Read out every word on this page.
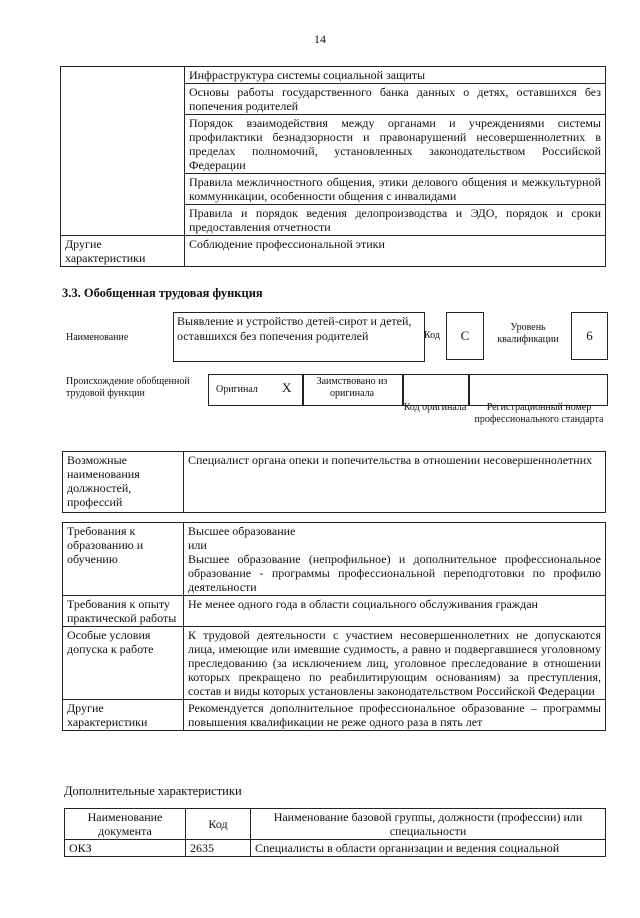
14
	Инфраструктура системы социальной защиты
	Основы работы государственного банка данных о детях, оставшихся без попечения родителей
	Порядок взаимодействия между органами и учреждениями системы профилактики безнадзорности и правонарушений несовершеннолетних в пределах полномочий, установленных законодательством Российской Федерации
	Правила межличностного общения, этики делового общения и межкультурной коммуникации, особенности общения с инвалидами
	Правила и порядок ведения делопроизводства и ЭДО, порядок и сроки предоставления отчетности
Другие характеристики	Соблюдение профессиональной этики
3.3. Обобщенная трудовая функция
Наименование
Выявление и устройство детей-сирот и детей, оставшихся без попечения родителей	Код	С
Уровень квалификации	6
Происхождение обобщенной трудовой функции	Оригинал X	Заимствовано из оригинала
Код оригинала	Регистрационный номер профессионального стандарта
Возможные наименования должностей, профессий	Специалист органа опеки и попечительства в отношении несовершеннолетних
Требования к образованию и обучению	Высшее образование
или
Высшее образование (непрофильное) и дополнительное профессиональное образование - программы профессиональной переподготовки по профилю деятельности
Требования к опыту практической работы	Не менее одного года в области социального обслуживания граждан
Особые условия допуска к работе	К трудовой деятельности с участием несовершеннолетних не допускаются лица, имеющие или имевшие судимость, а равно и подвергавшиеся уголовному преследованию (за исключением лиц, уголовное преследование в отношении которых прекращено по реабилитирующим основаниям) за преступления, состав и виды которых установлены законодательством Российской Федерации
Другие характеристики	Рекомендуется дополнительное профессиональное образование – программы повышения квалификации не реже одного раза в пять лет
Дополнительные характеристики
Наименование документа	Код	Наименование базовой группы, должности (профессии) или специальности
ОКЗ	2635	Специалисты в области организации и ведения социальной
